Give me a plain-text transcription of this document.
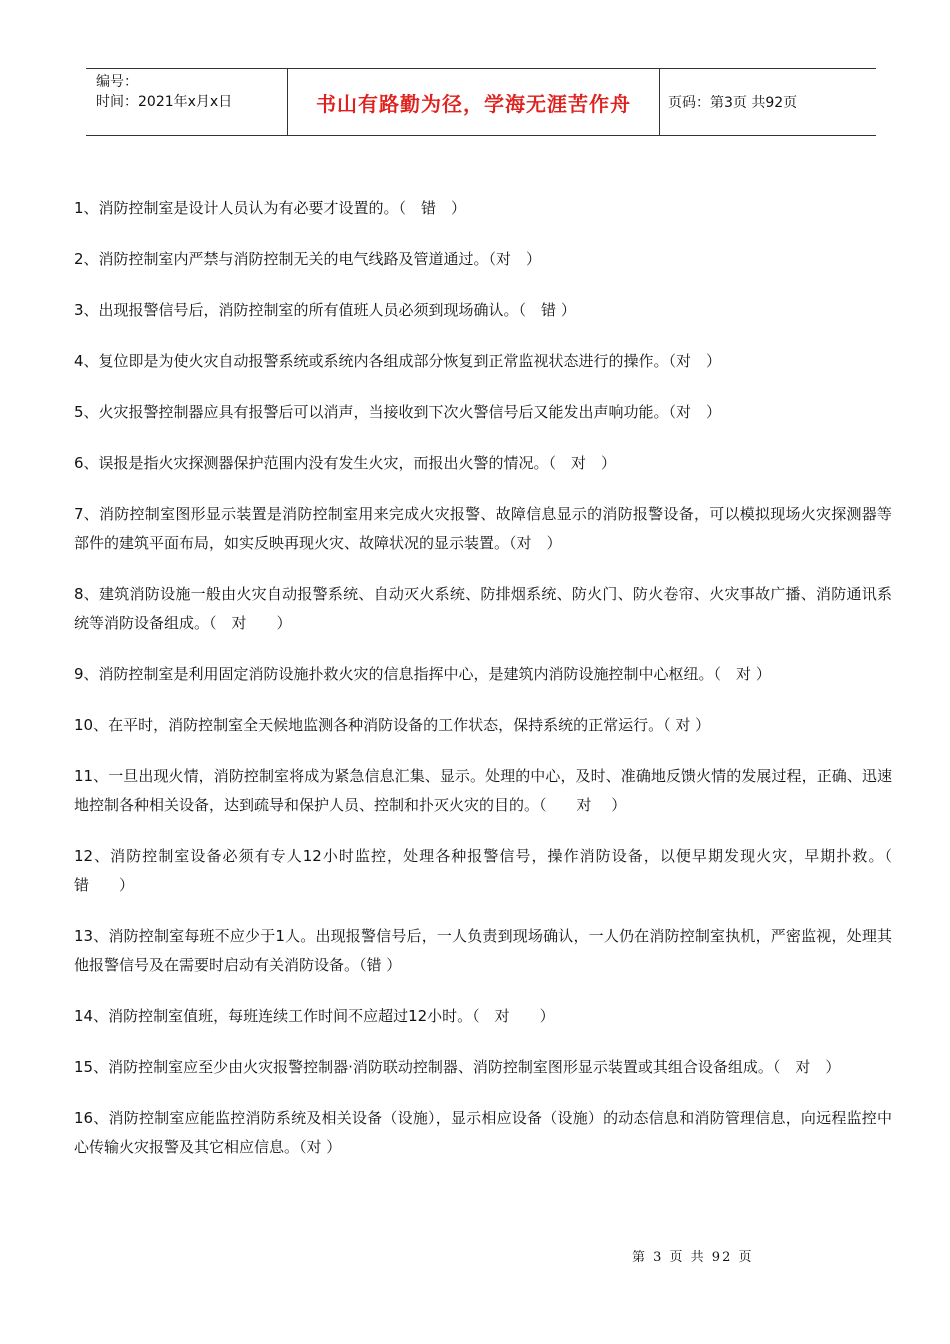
编号：
时间：2021年x月x日	书山有路勤为径，学海无涯苦作舟	页码：第3页 共92页

1、消防控制室是设计人员认为有必要才设置的。（　错　）

2、消防控制室内严禁与消防控制无关的电气线路及管道通过。（对　）

3、出现报警信号后，消防控制室的所有值班人员必须到现场确认。（　错 ）

4、复位即是为使火灾自动报警系统或系统内各组成部分恢复到正常监视状态进行的操作。（对　）

5、火灾报警控制器应具有报警后可以消声，当接收到下次火警信号后又能发出声响功能。（对　）

6、误报是指火灾探测器保护范围内没有发生火灾，而报出火警的情况。（　对　）

7、消防控制室图形显示装置是消防控制室用来完成火灾报警、故障信息显示的消防报警设备，可以模拟现场火灾探测器等部件的建筑平面布局，如实反映再现火灾、故障状况的显示装置。（对　）

8、建筑消防设施一般由火灾自动报警系统、自动灭火系统、防排烟系统、防火门、防火卷帘、火灾事故广播、消防通讯系统等消防设备组成。（　对　　）

9、消防控制室是利用固定消防设施扑救火灾的信息指挥中心，是建筑内消防设施控制中心枢纽。（　对 ）

10、在平时，消防控制室全天候地监测各种消防设备的工作状态，保持系统的正常运行。（ 对 ）

11、一旦出现火情，消防控制室将成为紧急信息汇集、显示。处理的中心，及时、准确地反馈火情的发展过程，正确、迅速地控制各种相关设备，达到疏导和保护人员、控制和扑灭火灾的目的。（　　对　 ）

12、消防控制室设备必须有专人12小时监控，处理各种报警信号，操作消防设备，以便早期发现火灾，早期扑救。（　错　　）

13、消防控制室每班不应少于1人。出现报警信号后，一人负责到现场确认，一人仍在消防控制室执机，严密监视，处理其他报警信号及在需要时启动有关消防设备。（错 ）

14、消防控制室值班，每班连续工作时间不应超过12小时。（　对　　）

15、消防控制室应至少由火灾报警控制器·消防联动控制器、消防控制室图形显示装置或其组合设备组成。（　对　）

16、消防控制室应能监控消防系统及相关设备（设施），显示相应设备（设施）的动态信息和消防管理信息，向远程监控中心传输火灾报警及其它相应信息。（对 ）

第 3 页 共 92 页
